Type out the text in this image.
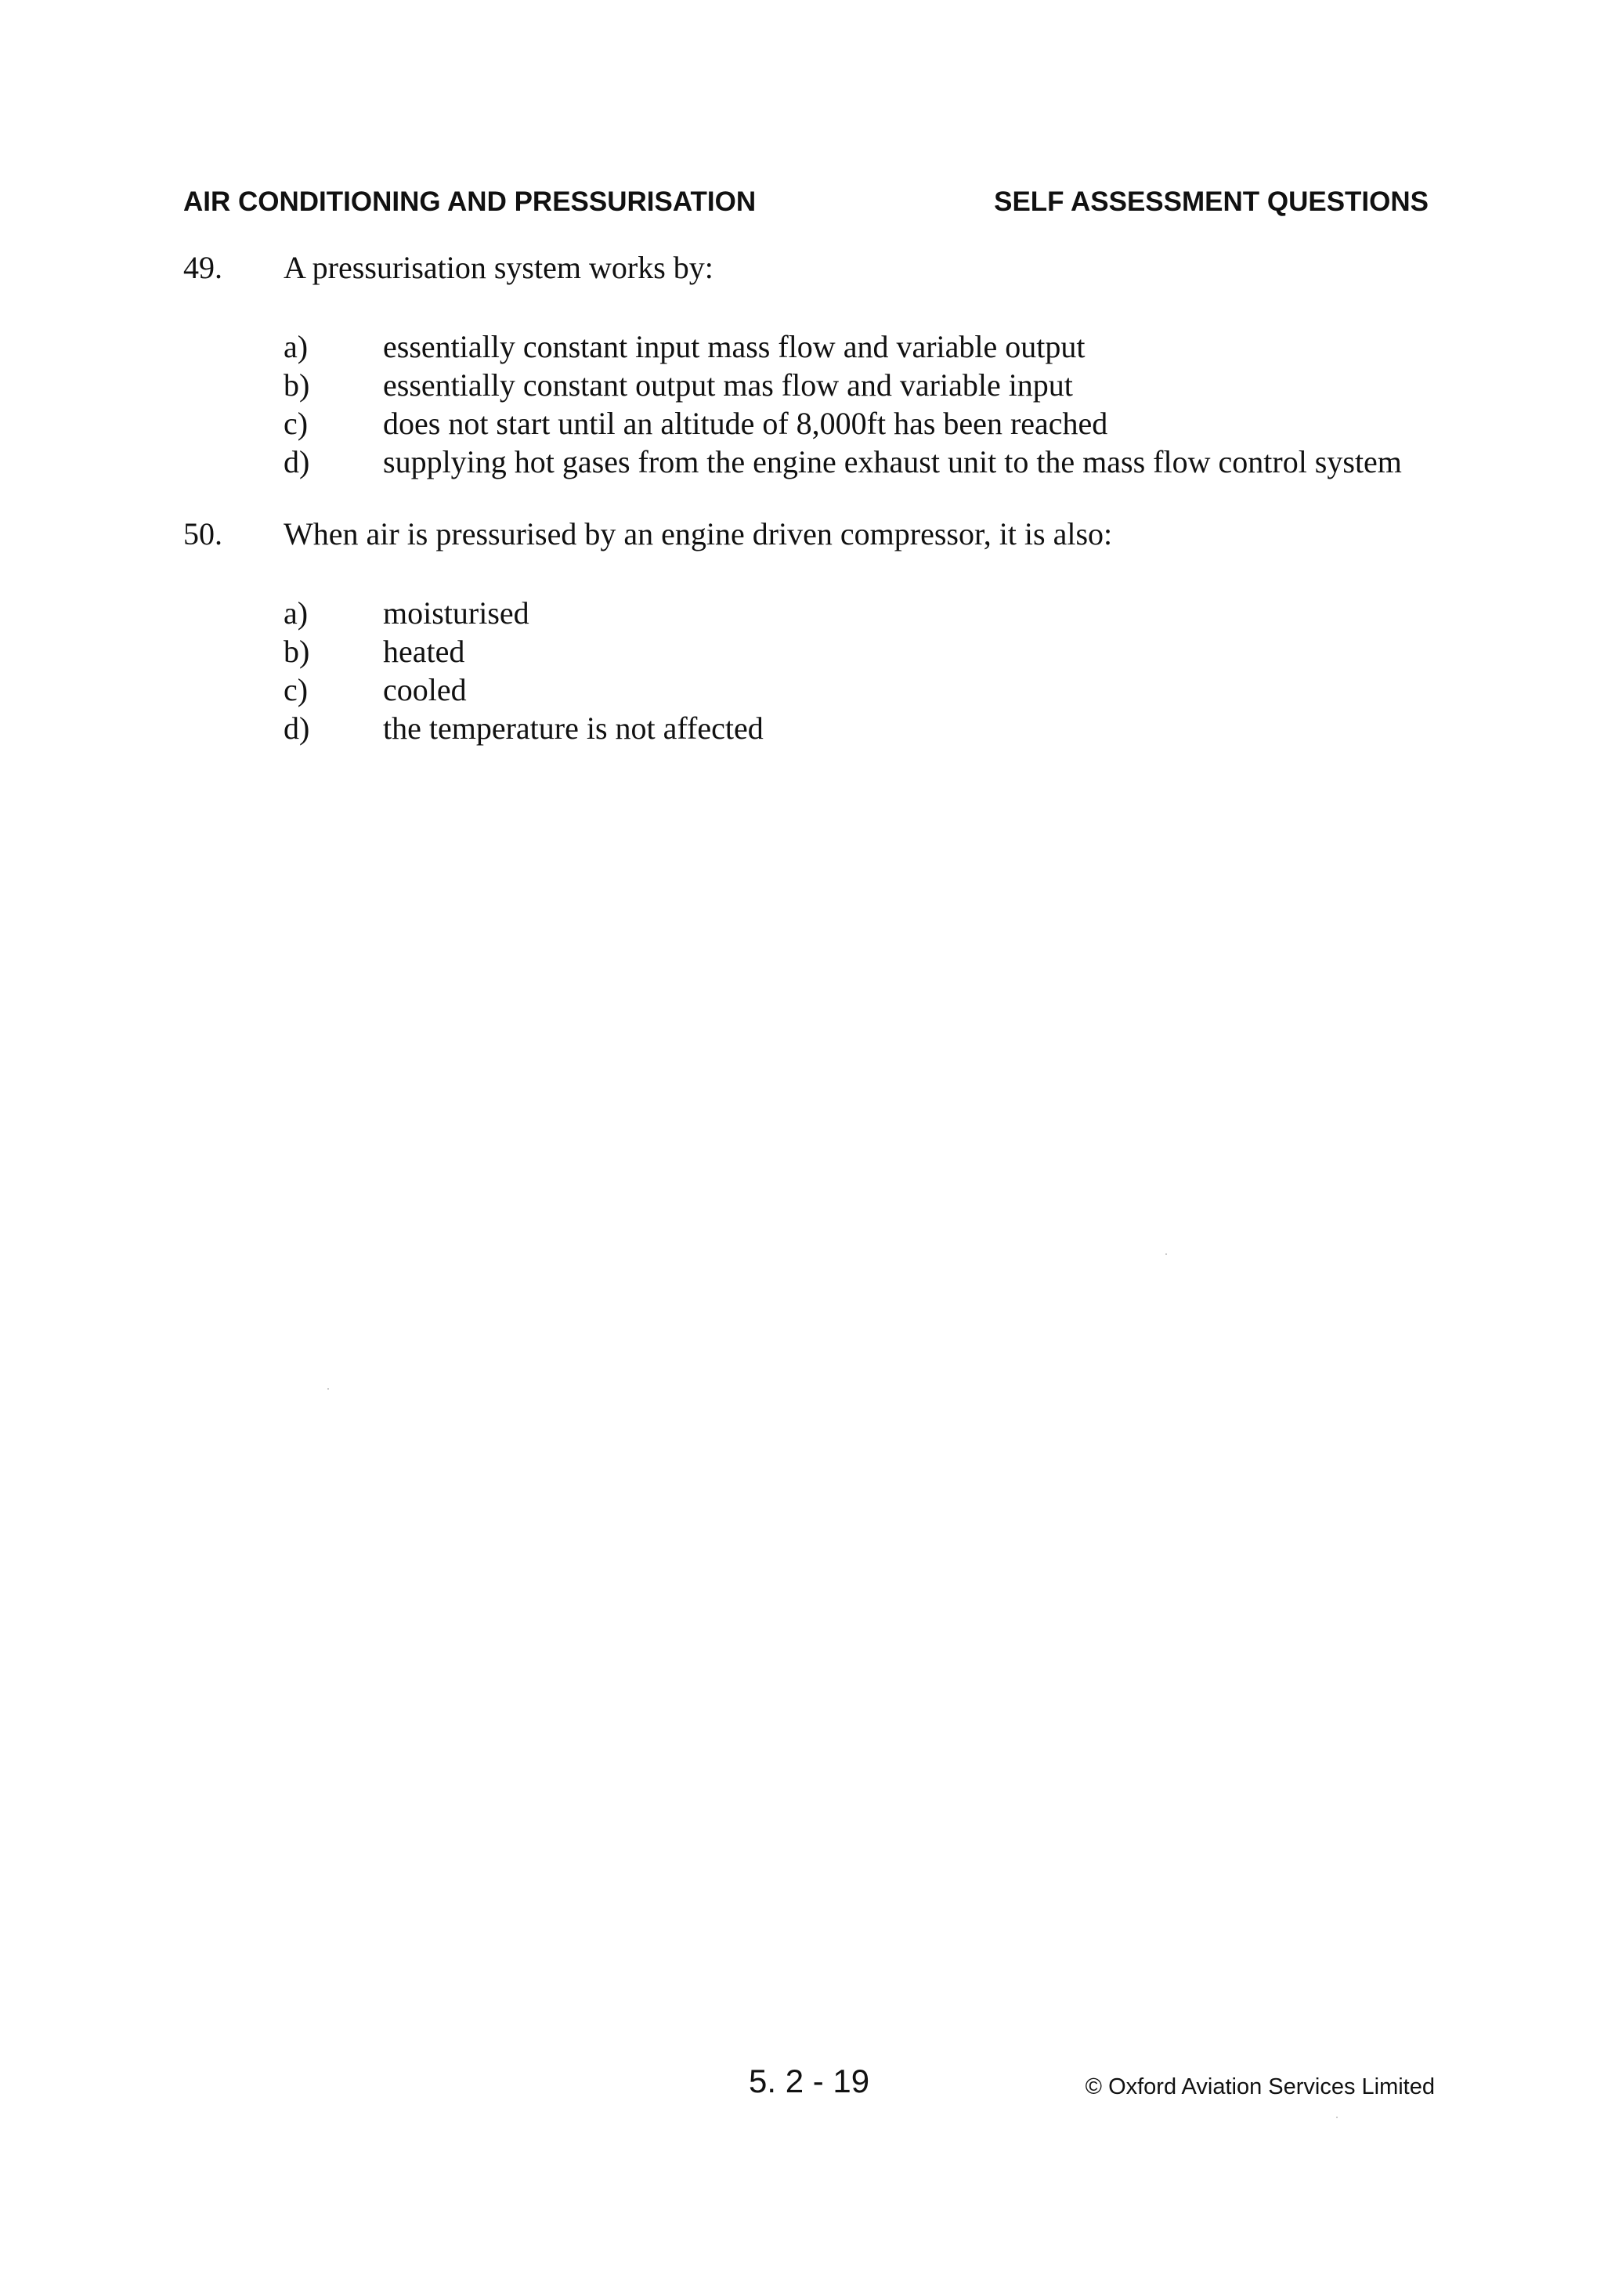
AIR CONDITIONING AND PRESSURISATION	SELF ASSESSMENT QUESTIONS
49. A pressurisation system works by:
a) essentially constant input mass flow and variable output
b) essentially constant output mas flow and variable input
c) does not start until an altitude of 8,000ft has been reached
d) supplying hot gases from the engine exhaust unit to the mass flow control system
50. When air is pressurised by an engine driven compressor, it is also:
a) moisturised
b) heated
c) cooled
d) the temperature is not affected
5. 2 - 19	© Oxford Aviation Services Limited
